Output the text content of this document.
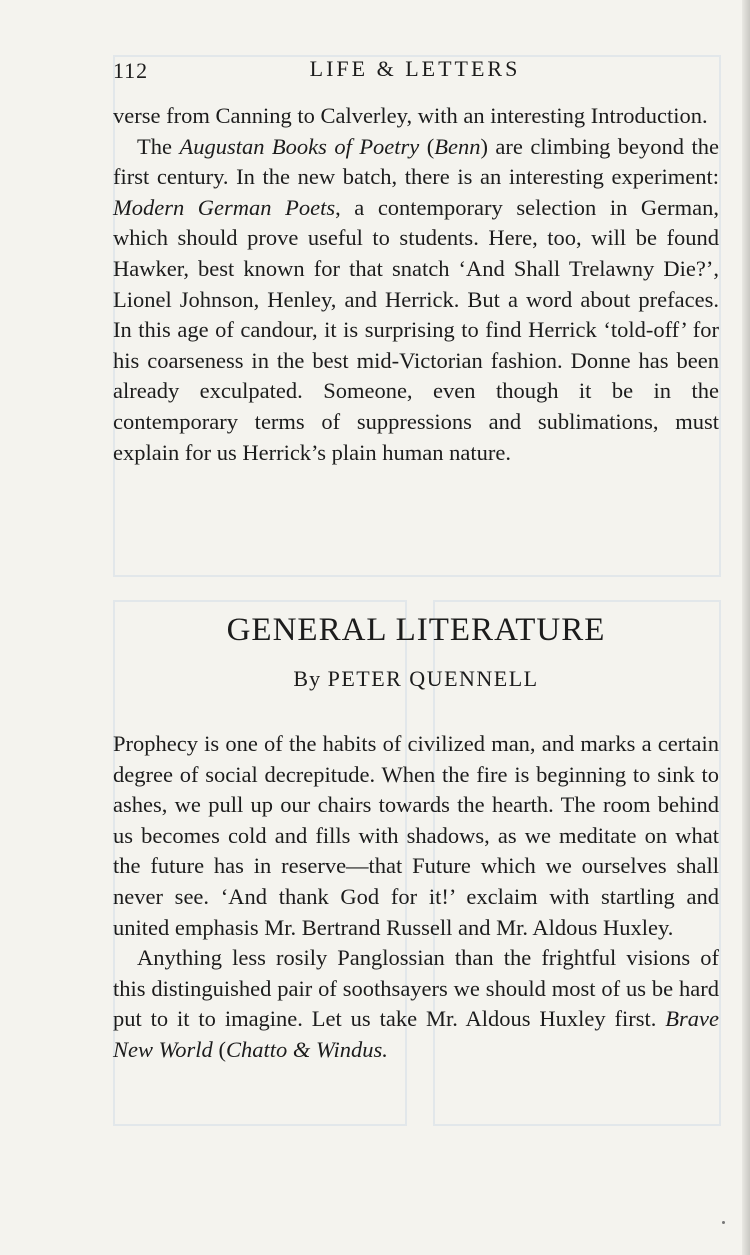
112	LIFE & LETTERS

verse from Canning to Calverley, with an interesting Introduction.

The Augustan Books of Poetry (Benn) are climbing beyond the first century. In the new batch, there is an interesting experiment: Modern German Poets, a contemporary selection in German, which should prove useful to students. Here, too, will be found Hawker, best known for that snatch ‘And Shall Trelawny Die?’, Lionel Johnson, Henley, and Herrick. But a word about prefaces. In this age of candour, it is surprising to find Herrick ‘told-off’ for his coarseness in the best mid-Victorian fashion. Donne has been already exculpated. Someone, even though it be in the contemporary terms of suppressions and sublimations, must explain for us Herrick’s plain human nature.

GENERAL LITERATURE
By PETER QUENNELL

Prophecy is one of the habits of civilized man, and marks a certain degree of social decrepitude. When the fire is beginning to sink to ashes, we pull up our chairs towards the hearth. The room behind us becomes cold and fills with shadows, as we meditate on what the future has in reserve—that Future which we ourselves shall never see. ‘And thank God for it!’ exclaim with startling and united emphasis Mr. Bertrand Russell and Mr. Aldous Huxley.

Anything less rosily Panglossian than the frightful visions of this distinguished pair of soothsayers we should most of us be hard put to it to imagine. Let us take Mr. Aldous Huxley first. Brave New World (Chatto & Windus.
